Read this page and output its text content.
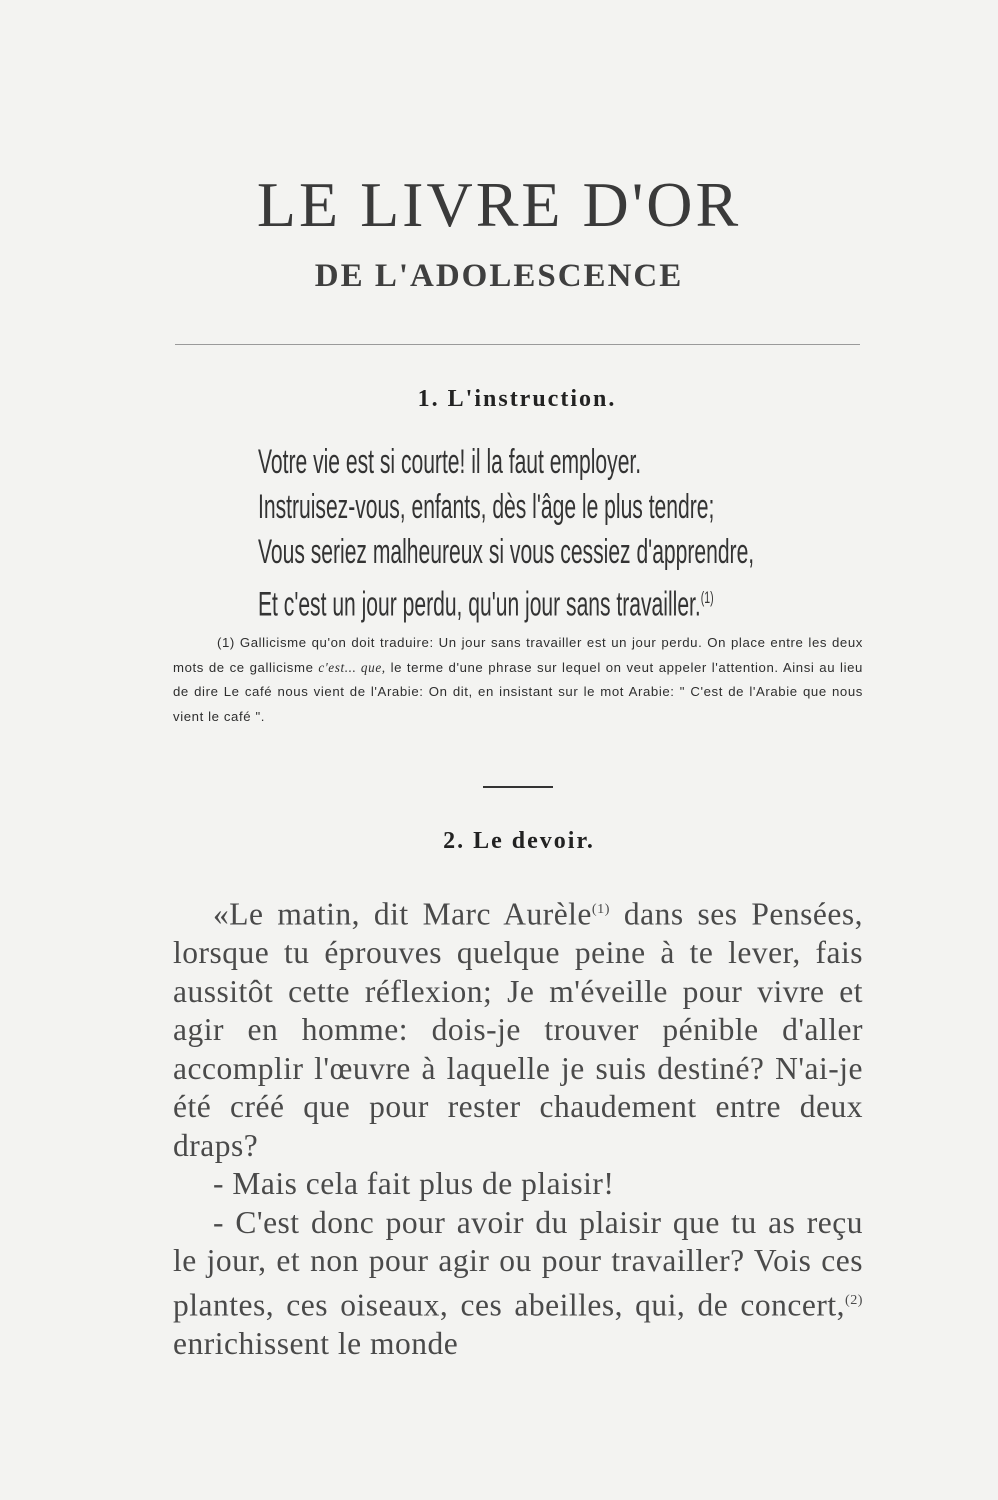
LE LIVRE D'OR
DE L'ADOLESCENCE
1. L'instruction.
Votre vie est si courte! il la faut employer.
Instruisez-vous, enfants, dès l'âge le plus tendre;
Vous seriez malheureux si vous cessiez d'apprendre,
Et c'est un jour perdu, qu'un jour sans travailler.$^{(1)}$
(1) Gallicisme qu'on doit traduire: Un jour sans travailler est un jour perdu. On place entre les deux mots de ce gallicisme c'est... que, le terme d'une phrase sur lequel on veut appeler l'attention. Ainsi au lieu de dire Le café nous vient de l'Arabie: On dit, en insistant sur le mot Arabie: " C'est de l'Arabie que nous vient le café ".
2. Le devoir.

«Le matin, dit Marc Aurèle$^{(1)}$ dans ses Pensées, lorsque tu éprouves quelque peine à te lever, fais aussitôt cette réflexion; Je m'éveille pour vivre et agir en homme: dois-je trouver pénible d'aller accomplir l'œuvre à laquelle je suis destiné? N'ai-je été créé que pour rester chaudement entre deux draps?

- Mais cela fait plus de plaisir!

- C'est donc pour avoir du plaisir que tu as reçu le jour, et non pour agir ou pour travailler? Vois ces plantes, ces oiseaux, ces abeilles, qui, de concert,$^{(2)}$ enrichissent le monde
